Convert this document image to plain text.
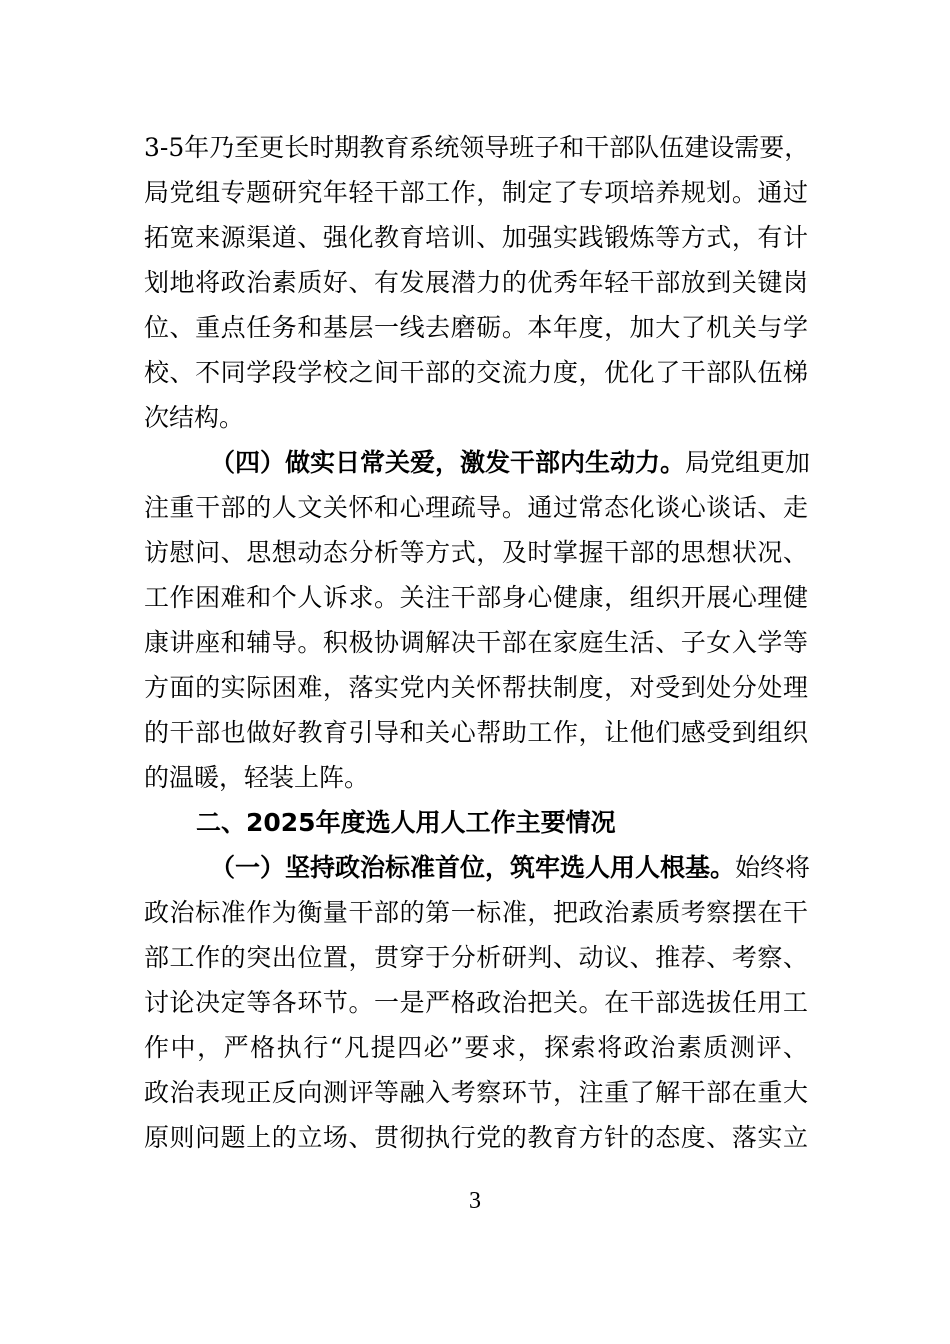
3-5年乃至更长时期教育系统领导班子和干部队伍建设需要，
局党组专题研究年轻干部工作，制定了专项培养规划。通过
拓宽来源渠道、强化教育培训、加强实践锻炼等方式，有计
划地将政治素质好、有发展潜力的优秀年轻干部放到关键岗
位、重点任务和基层一线去磨砺。本年度，加大了机关与学
校、不同学段学校之间干部的交流力度，优化了干部队伍梯
次结构。
（四）做实日常关爱，激发干部内生动力。局党组更加
注重干部的人文关怀和心理疏导。通过常态化谈心谈话、走
访慰问、思想动态分析等方式，及时掌握干部的思想状况、
工作困难和个人诉求。关注干部身心健康，组织开展心理健
康讲座和辅导。积极协调解决干部在家庭生活、子女入学等
方面的实际困难，落实党内关怀帮扶制度，对受到处分处理
的干部也做好教育引导和关心帮助工作，让他们感受到组织
的温暖，轻装上阵。
二、2025年度选人用人工作主要情况
（一）坚持政治标准首位，筑牢选人用人根基。始终将
政治标准作为衡量干部的第一标准，把政治素质考察摆在干
部工作的突出位置，贯穿于分析研判、动议、推荐、考察、
讨论决定等各环节。一是严格政治把关。在干部选拔任用工
作中，严格执行“凡提四必”要求，探索将政治素质测评、
政治表现正反向测评等融入考察环节，注重了解干部在重大
原则问题上的立场、贯彻执行党的教育方针的态度、落实立
3
